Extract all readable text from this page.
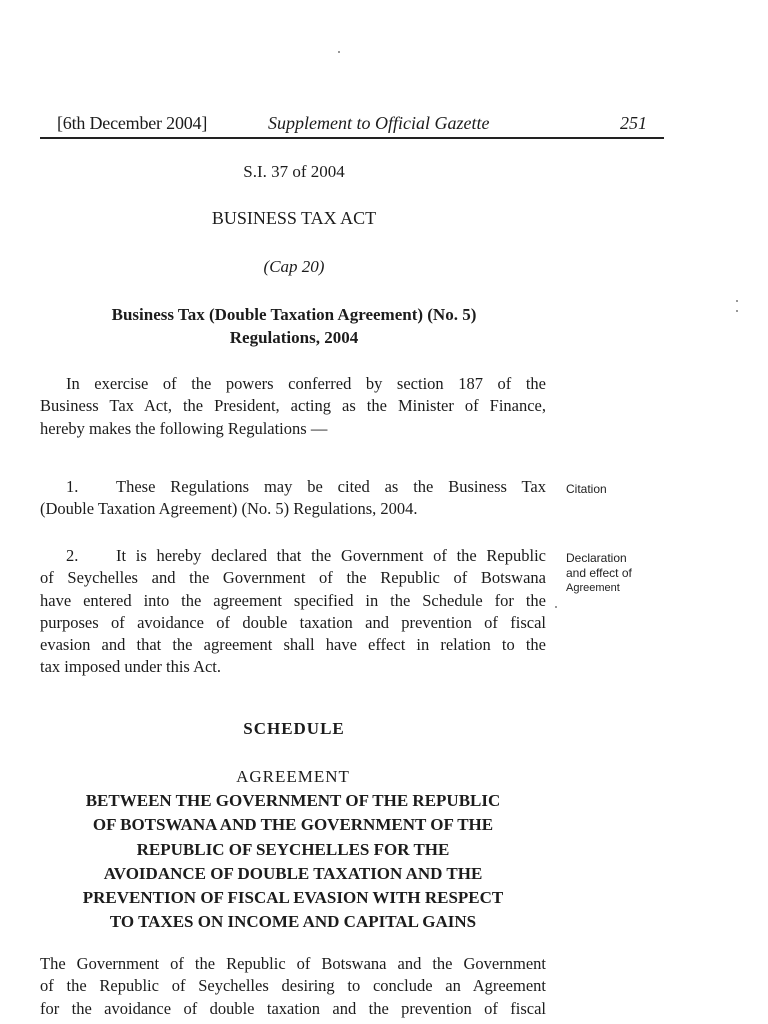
[6th December 2004]	Supplement to Official Gazette	251
S.I. 37 of 2004
BUSINESS TAX ACT
(Cap 20)
Business Tax (Double Taxation Agreement) (No. 5)
Regulations, 2004
In exercise of the powers conferred by section 187 of the
Business Tax Act, the President, acting as the Minister of Finance,
hereby makes the following Regulations —
1. These Regulations may be cited as the Business Tax
(Double Taxation Agreement) (No. 5) Regulations, 2004.
Citation
2. It is hereby declared that the Government of the Republic
of Seychelles and the Government of the Republic of Botswana
have entered into the agreement specified in the Schedule for the
purposes of avoidance of double taxation and prevention of fiscal
evasion and that the agreement shall have effect in relation to the
tax imposed under this Act.
Declaration
and effect of
Agreement
SCHEDULE
AGREEMENT
BETWEEN THE GOVERNMENT OF THE REPUBLIC
OF BOTSWANA AND THE GOVERNMENT OF THE
REPUBLIC OF SEYCHELLES FOR THE
AVOIDANCE OF DOUBLE TAXATION AND THE
PREVENTION OF FISCAL EVASION WITH RESPECT
TO TAXES ON INCOME AND CAPITAL GAINS
The Government of the Republic of Botswana and the Government
of the Republic of Seychelles desiring to conclude an Agreement
for the avoidance of double taxation and the prevention of fiscal
